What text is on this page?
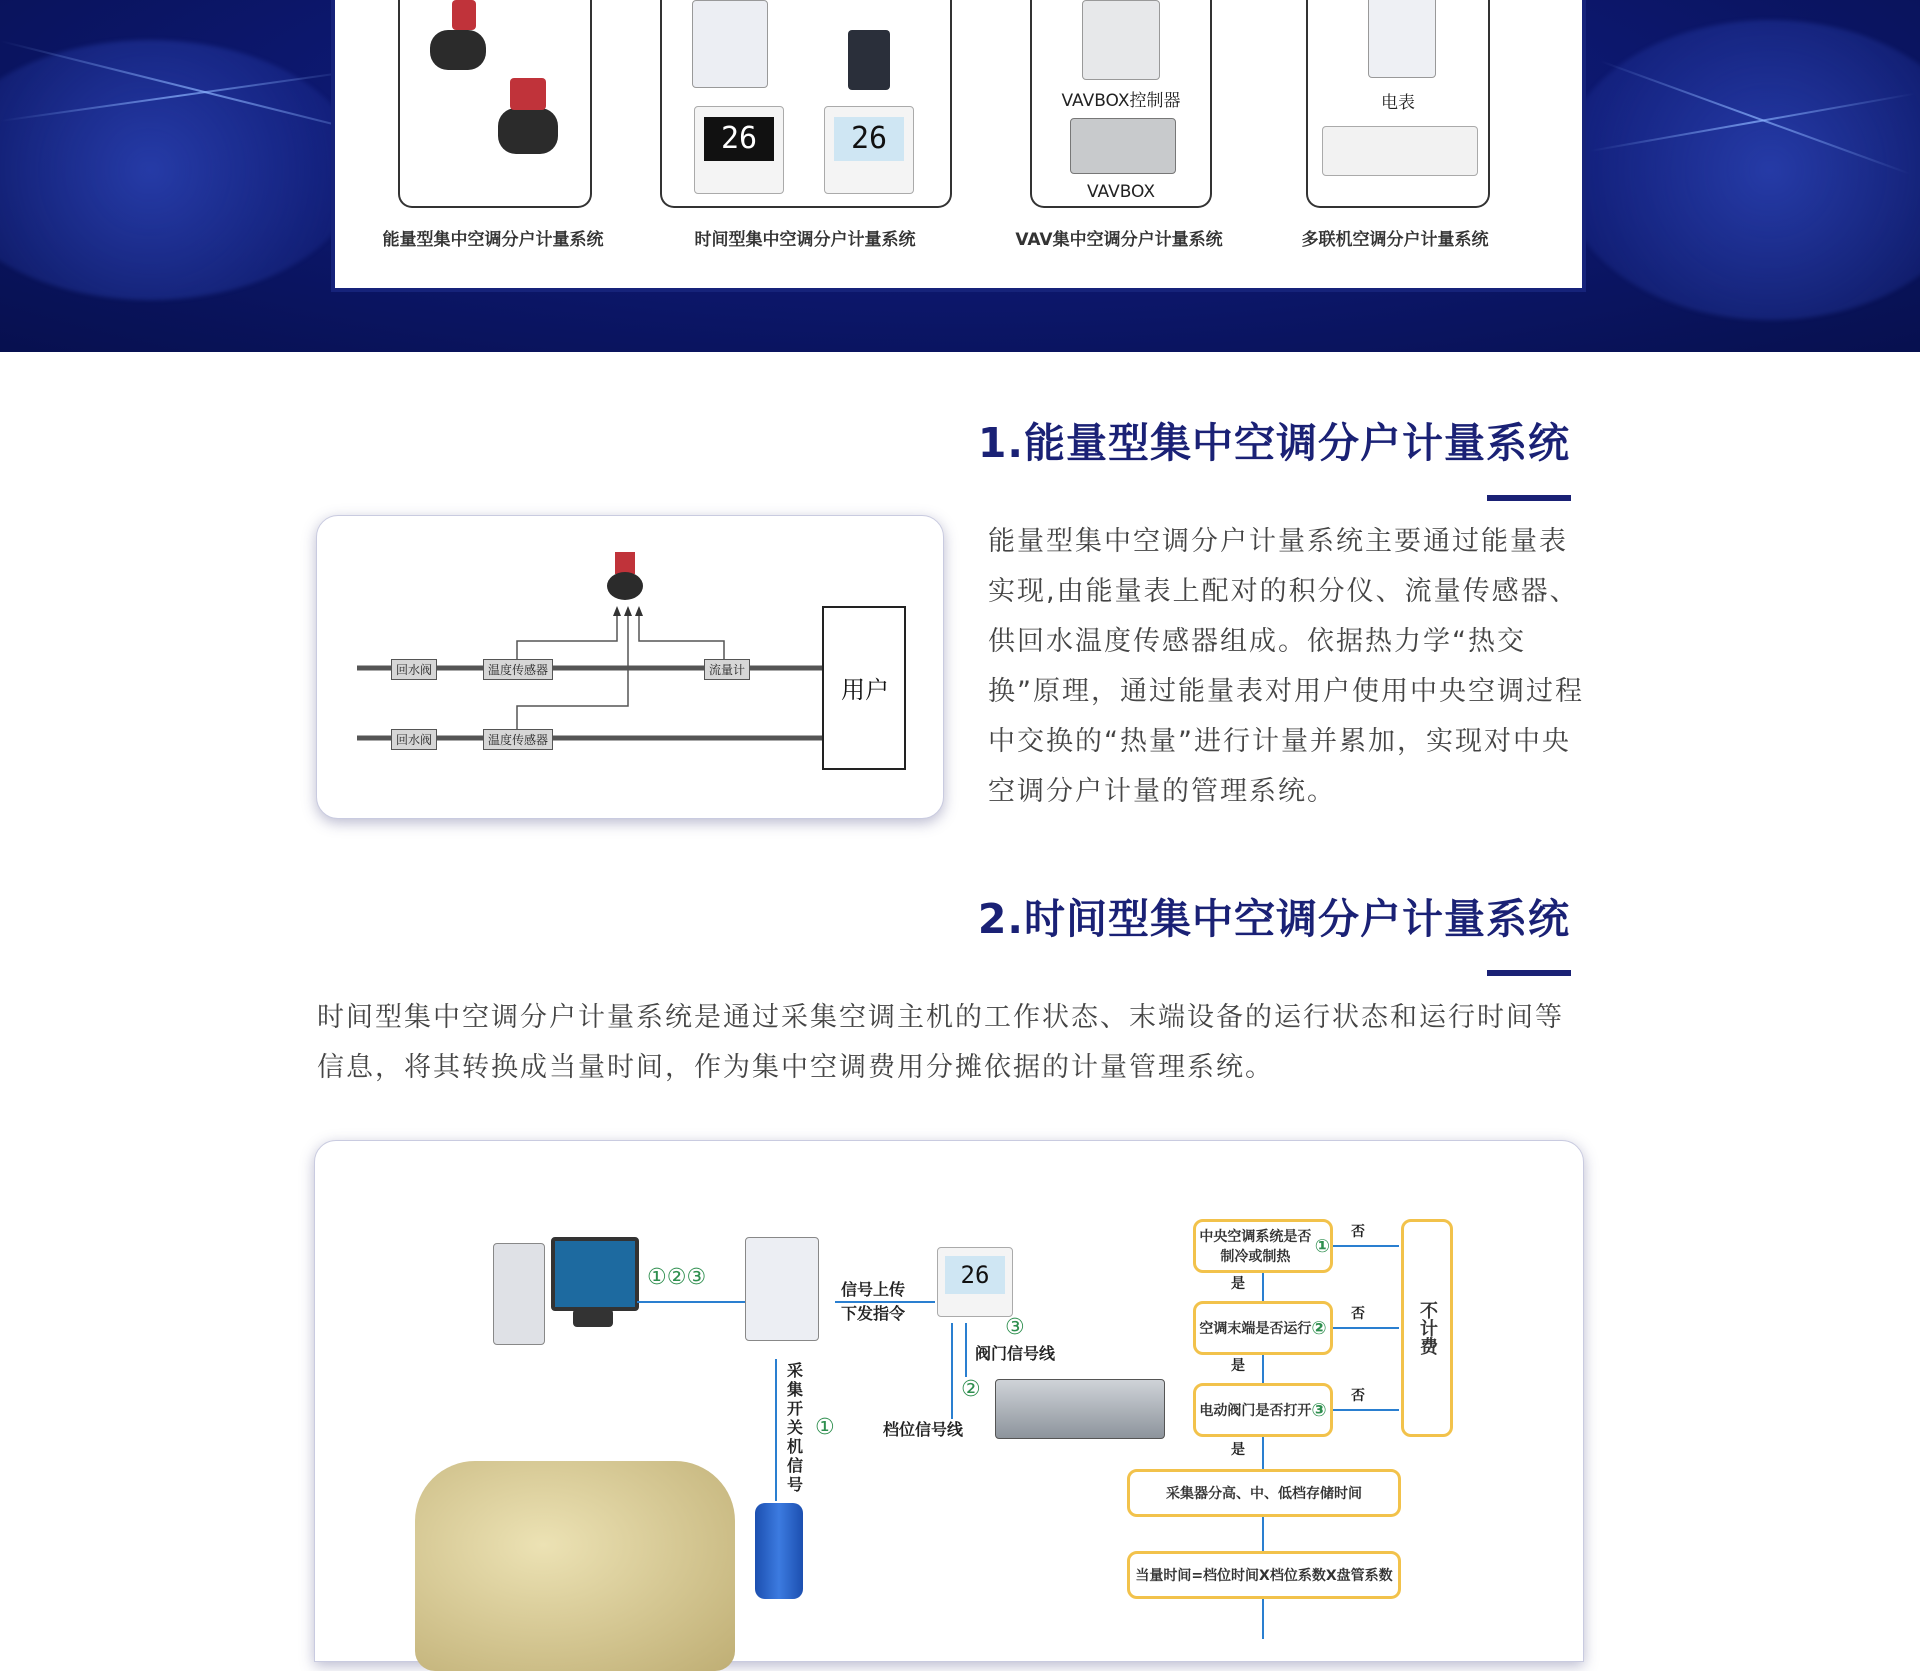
能量型集中空调分户计量系统
26	26
时间型集中空调分户计量系统
VAVBOX控制器
VAVBOX
VAV集中空调分户计量系统
电表
多联机空调分户计量系统
1.能量型集中空调分户计量系统
回水阀	温度传感器	流量计
回水阀	温度传感器
用户
能量型集中空调分户计量系统主要通过能量表实现,由能量表上配对的积分仪、流量传感器、供回水温度传感器组成。依据热力学“热交换”原理，通过能量表对用户使用中央空调过程中交换的“热量”进行计量并累加，实现对中央空调分户计量的管理系统。
2.时间型集中空调分户计量系统
时间型集中空调分户计量系统是通过采集空调主机的工作状态、末端设备的运行状态和运行时间等信息，将其转换成当量时间，作为集中空调费用分摊依据的计量管理系统。
①②③	信号上传
下发指令
采集开关机信号
①
26
③
阀门信号线
②
档位信号线
中央空调系统是否制冷或制热
①
空调末端是否运行 ②
电动阀门是否打开 ③
不计费
采集器分高、中、低档存储时间
当量时间=档位时间X档位系数X盘管系数
否
否
否
是
是
是
